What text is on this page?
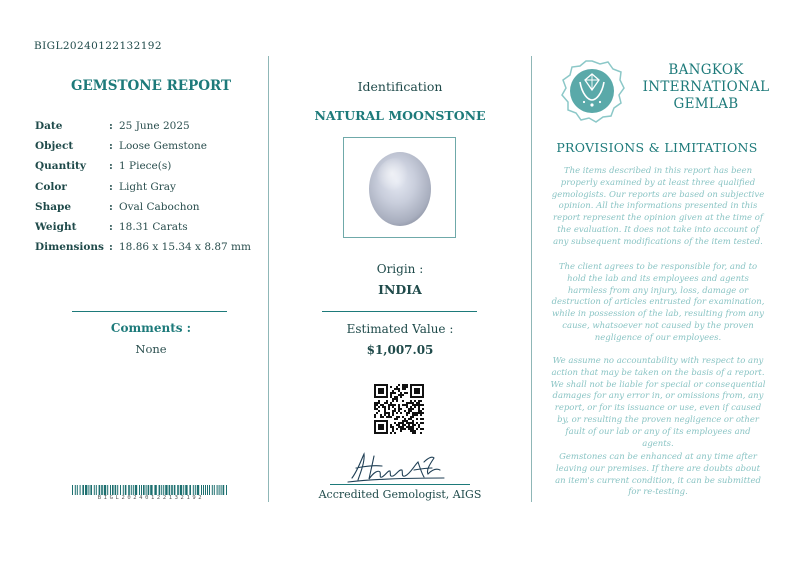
BIGL20240122132192
GEMSTONE REPORT
Date	: 25 June 2025
Object	: Loose Gemstone
Quantity : 1 Piece(s)
Color	: Light Gray
Shape	: Oval Cabochon
Weight	: 18.31 Carats
Dimensions : 18.86 x 15.34 x 8.87 mm
Comments :
None
BIGL20240122132192
Identification
NATURAL MOONSTONE
Origin :
INDIA
Estimated Value :
$1,007.05
Accredited Gemologist, AIGS
BANGKOK
INTERNATIONAL
GEMLAB
PROVISIONS & LIMITATIONS

The items described in this report has been properly examined by at least three qualified gemologists. Our reports are based on subjective opinion. All the informations presented in this report represent the opinion given at the time of the evaluation. It does not take into account of any subsequent modifications of the item tested.

The client agrees to be responsible for, and to hold the lab and its employees and agents harmless from any injury, loss, damage or destruction of articles entrusted for examination, while in possession of the lab, resulting from any cause, whatsoever not caused by the proven negligence of our employees.

We assume no accountability with respect to any action that may be taken on the basis of a report. We shall not be liable for special or consequential damages for any error in, or omissions from, any report, or for its issuance or use, even if caused by, or resulting the proven negligence or other fault of our lab or any of its employees and agents.

Gemstones can be enhanced at any time after leaving our premises. If there are doubts about an item's current condition, it can be submitted for re-testing.
